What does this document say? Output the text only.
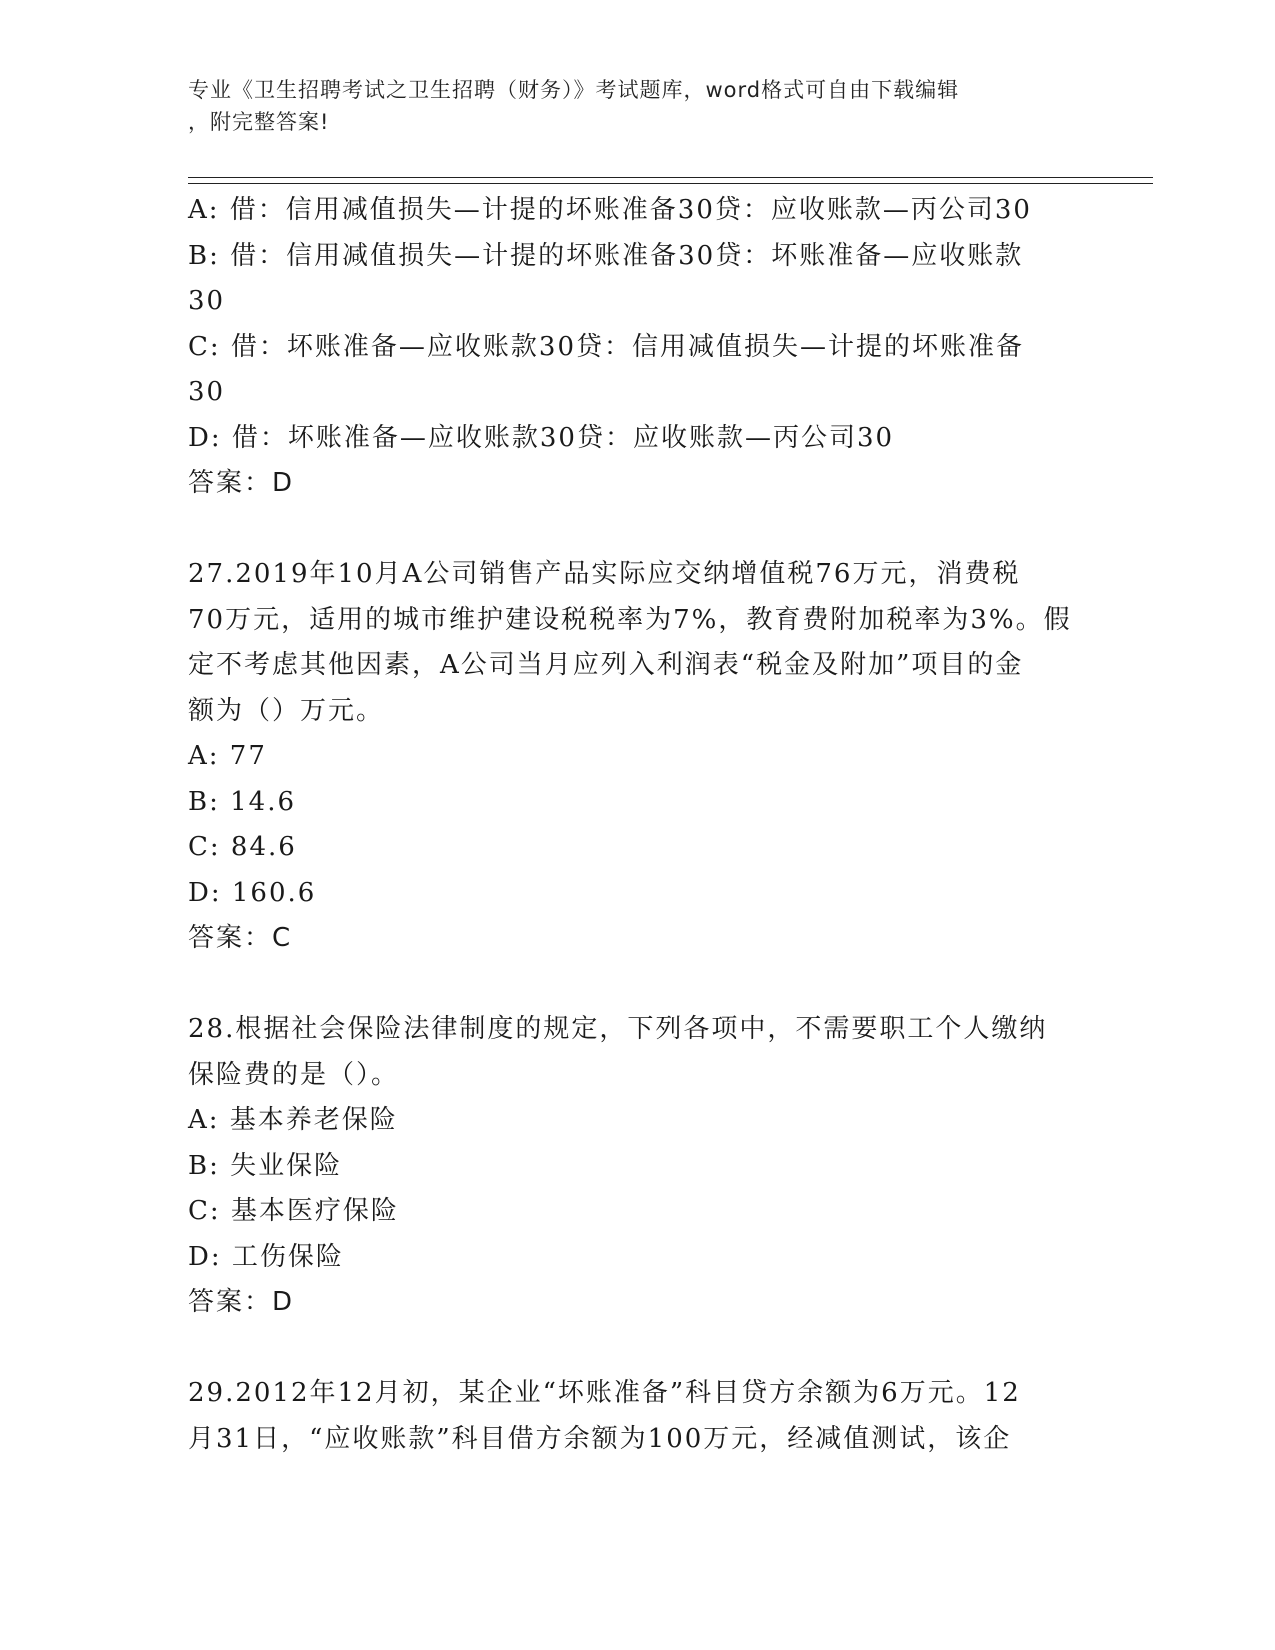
专业《卫生招聘考试之卫生招聘（财务）》考试题库，word格式可自由下载编辑
，附完整答案!
A: 借：信用减值损失—计提的坏账准备30贷：应收账款—丙公司30
B: 借：信用减值损失—计提的坏账准备30贷：坏账准备—应收账款
30
C: 借：坏账准备—应收账款30贷：信用减值损失—计提的坏账准备
30
D: 借：坏账准备—应收账款30贷：应收账款—丙公司30
答案：D
27.2019年10月A公司销售产品实际应交纳增值税76万元，消费税
70万元，适用的城市维护建设税税率为7%，教育费附加税率为3%。假
定不考虑其他因素，A公司当月应列入利润表“税金及附加”项目的金
额为（）万元。
A: 77
B: 14.6
C: 84.6
D: 160.6
答案：C
28.根据社会保险法律制度的规定，下列各项中，不需要职工个人缴纳
保险费的是（）。
A: 基本养老保险
B: 失业保险
C: 基本医疗保险
D: 工伤保险
答案：D
29.2012年12月初，某企业“坏账准备”科目贷方余额为6万元。12
月31日，“应收账款”科目借方余额为100万元，经减值测试，该企
